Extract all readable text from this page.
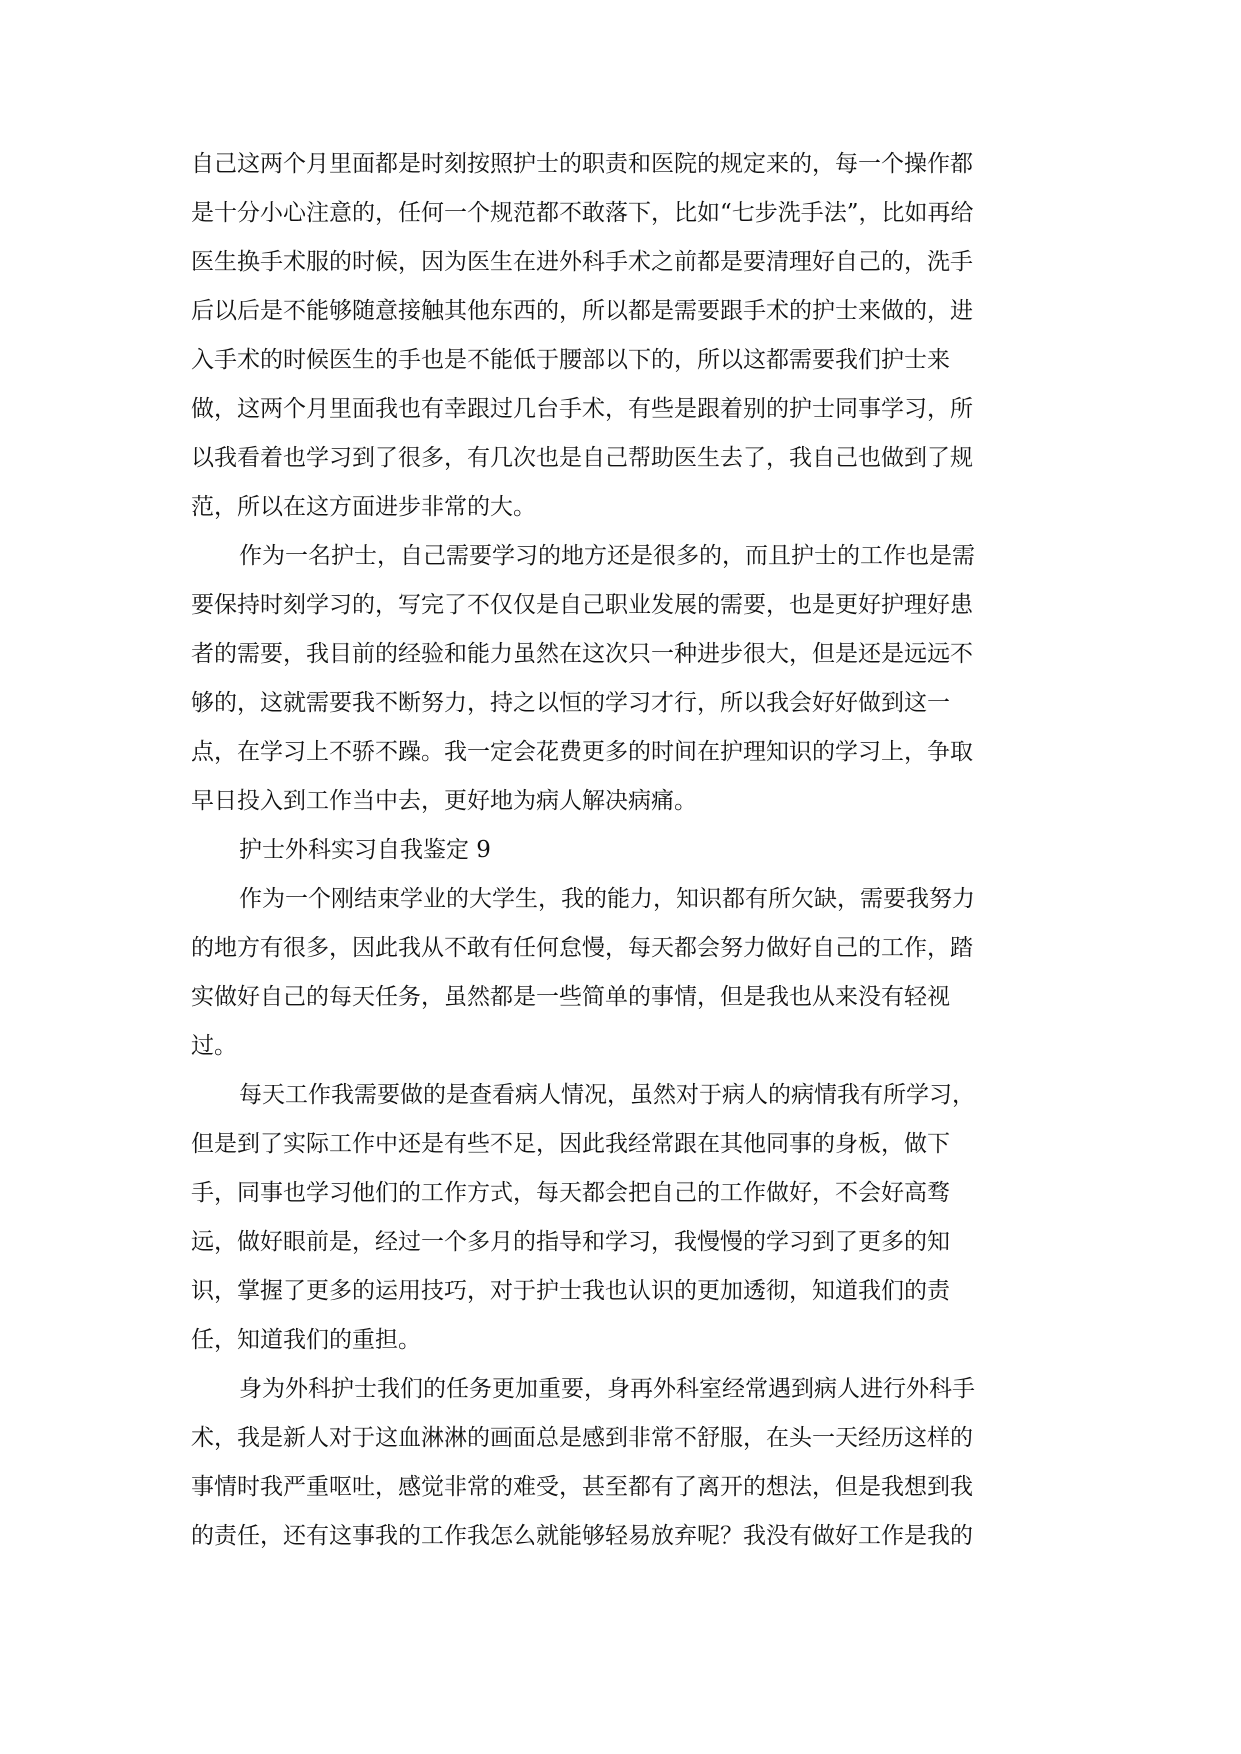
自己这两个月里面都是时刻按照护士的职责和医院的规定来的，每一个操作都
是十分小心注意的，任何一个规范都不敢落下，比如“七步洗手法”，比如再给
医生换手术服的时候，因为医生在进外科手术之前都是要清理好自己的，洗手
后以后是不能够随意接触其他东西的，所以都是需要跟手术的护士来做的，进
入手术的时候医生的手也是不能低于腰部以下的，所以这都需要我们护士来
做，这两个月里面我也有幸跟过几台手术，有些是跟着别的护士同事学习，所
以我看着也学习到了很多，有几次也是自己帮助医生去了，我自己也做到了规
范，所以在这方面进步非常的大。
作为一名护士，自己需要学习的地方还是很多的，而且护士的工作也是需
要保持时刻学习的，写完了不仅仅是自己职业发展的需要，也是更好护理好患
者的需要，我目前的经验和能力虽然在这次只一种进步很大，但是还是远远不
够的，这就需要我不断努力，持之以恒的学习才行，所以我会好好做到这一
点，在学习上不骄不躁。我一定会花费更多的时间在护理知识的学习上，争取
早日投入到工作当中去，更好地为病人解决病痛。
护士外科实习自我鉴定 9
作为一个刚结束学业的大学生，我的能力，知识都有所欠缺，需要我努力
的地方有很多，因此我从不敢有任何怠慢，每天都会努力做好自己的工作，踏
实做好自己的每天任务，虽然都是一些简单的事情，但是我也从来没有轻视
过。
每天工作我需要做的是查看病人情况，虽然对于病人的病情我有所学习，
但是到了实际工作中还是有些不足，因此我经常跟在其他同事的身板，做下
手，同事也学习他们的工作方式，每天都会把自己的工作做好，不会好高骛
远，做好眼前是，经过一个多月的指导和学习，我慢慢的学习到了更多的知
识，掌握了更多的运用技巧，对于护士我也认识的更加透彻，知道我们的责
任，知道我们的重担。
身为外科护士我们的任务更加重要，身再外科室经常遇到病人进行外科手
术，我是新人对于这血淋淋的画面总是感到非常不舒服，在头一天经历这样的
事情时我严重呕吐，感觉非常的难受，甚至都有了离开的想法，但是我想到我
的责任，还有这事我的工作我怎么就能够轻易放弃呢？我没有做好工作是我的
